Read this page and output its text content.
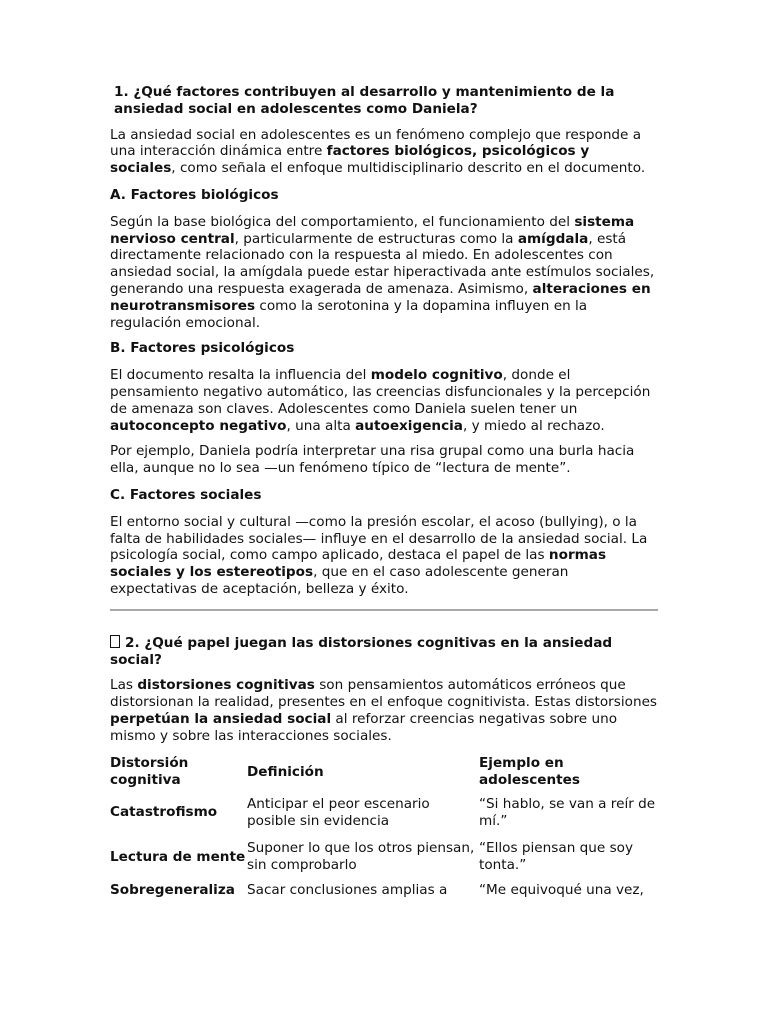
1. ¿Qué factores contribuyen al desarrollo y mantenimiento de la ansiedad social en adolescentes como Daniela?

La ansiedad social en adolescentes es un fenómeno complejo que responde a una interacción dinámica entre factores biológicos, psicológicos y sociales, como señala el enfoque multidisciplinario descrito en el documento.

A. Factores biológicos

Según la base biológica del comportamiento, el funcionamiento del sistema nervioso central, particularmente de estructuras como la amígdala, está directamente relacionado con la respuesta al miedo. En adolescentes con ansiedad social, la amígdala puede estar hiperactivada ante estímulos sociales, generando una respuesta exagerada de amenaza. Asimismo, alteraciones en neurotransmisores como la serotonina y la dopamina influyen en la regulación emocional.

B. Factores psicológicos

El documento resalta la influencia del modelo cognitivo, donde el pensamiento negativo automático, las creencias disfuncionales y la percepción de amenaza son claves. Adolescentes como Daniela suelen tener un autoconcepto negativo, una alta autoexigencia, y miedo al rechazo.

Por ejemplo, Daniela podría interpretar una risa grupal como una burla hacia ella, aunque no lo sea —un fenómeno típico de “lectura de mente”.

C. Factores sociales

El entorno social y cultural —como la presión escolar, el acoso (bullying), o la falta de habilidades sociales— influye en el desarrollo de la ansiedad social. La psicología social, como campo aplicado, destaca el papel de las normas sociales y los estereotipos, que en el caso adolescente generan expectativas de aceptación, belleza y éxito.

2. ¿Qué papel juegan las distorsiones cognitivas en la ansiedad social?

Las distorsiones cognitivas son pensamientos automáticos erróneos que distorsionan la realidad, presentes en el enfoque cognitivista. Estas distorsiones perpetúan la ansiedad social al reforzar creencias negativas sobre uno mismo y sobre las interacciones sociales.

Distorsión cognitiva	Definición	Ejemplo en adolescentes
Catastrofismo	Anticipar el peor escenario posible sin evidencia	“Si hablo, se van a reír de mí.”
Lectura de mente	Suponer lo que los otros piensan, sin comprobarlo	“Ellos piensan que soy tonta.”
Sobregeneraliza	Sacar conclusiones amplias a	“Me equivoqué una vez,
